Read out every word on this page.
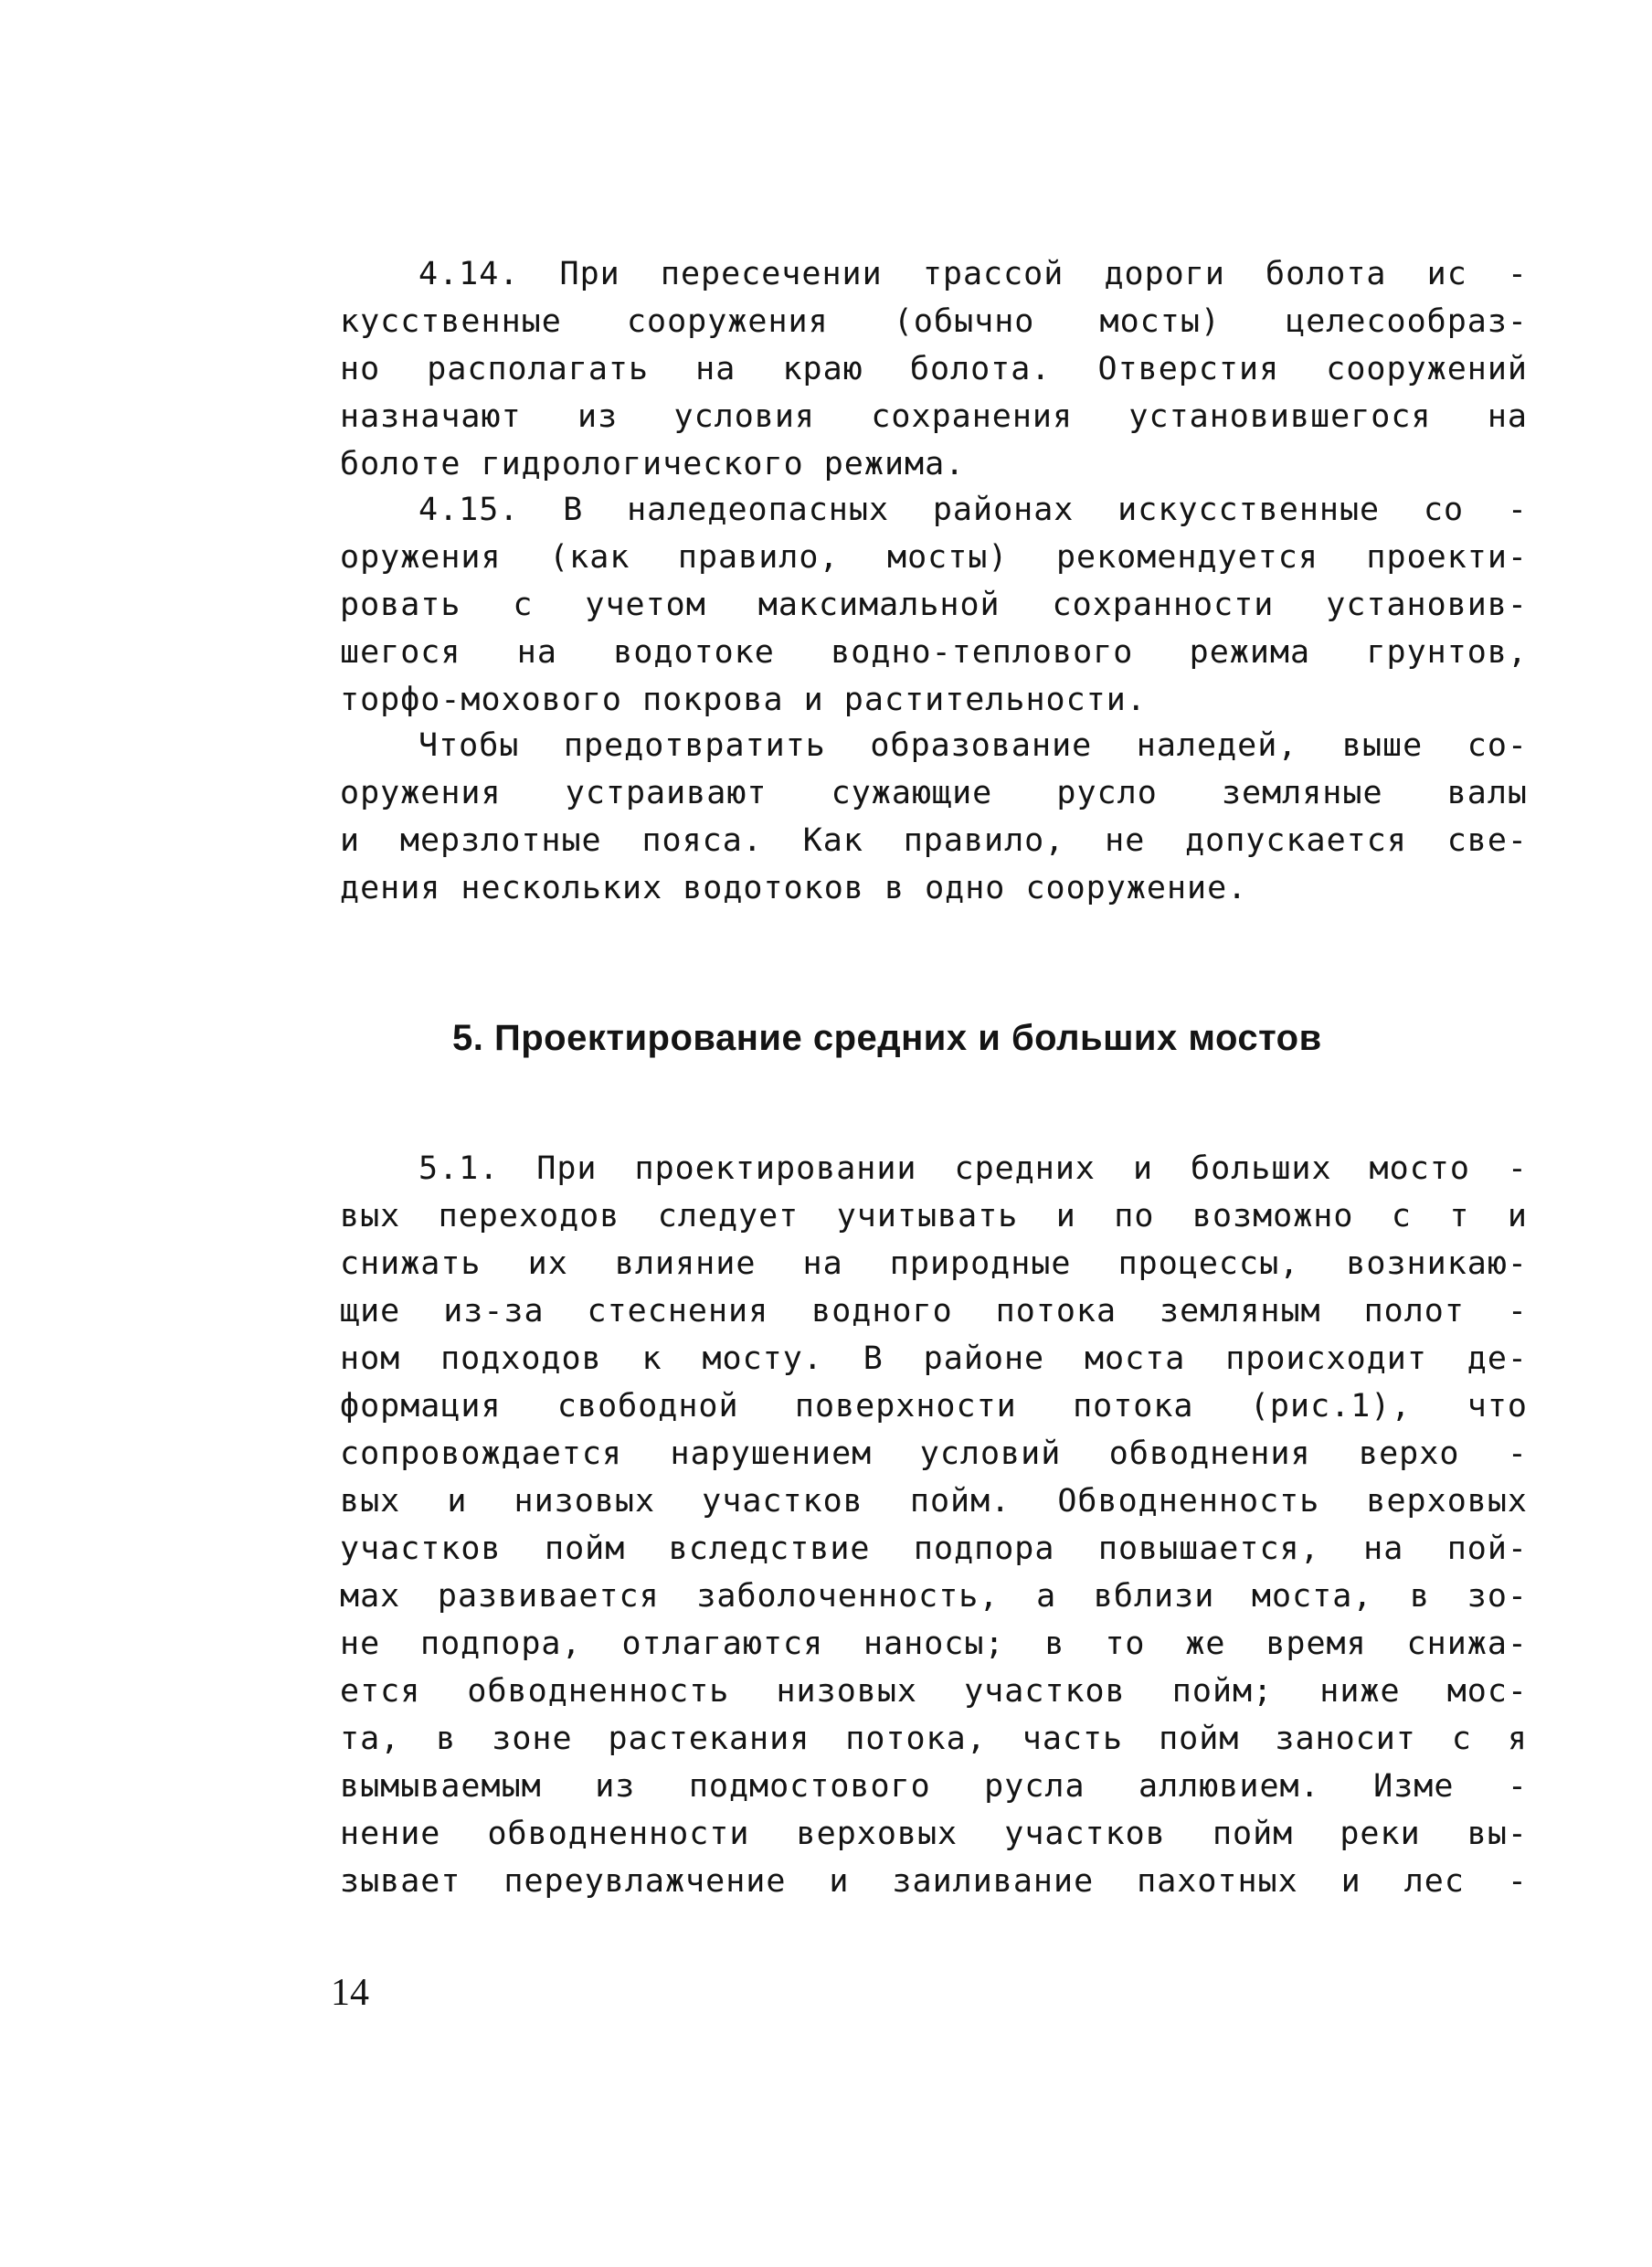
4.14. При пересечении трассой дороги болота ис -
кусственные сооружения (обычно мосты) целесообраз-
но располагать на краю болота. Отверстия сооружений
назначают из условия сохранения установившегося на
болоте гидрологического режима.
4.15. В наледеопасных районах искусственные со -
оружения (как правило, мосты) рекомендуется проекти-
ровать с учетом максимальной сохранности установив-
шегося на водотоке водно-теплового режима грунтов,
торфо-мохового покрова и растительности.
Чтобы предотвратить образование наледей, выше со-
оружения устраивают сужающие русло земляные валы
и мерзлотные пояса. Как правило, не допускается све-
дения нескольких водотоков в одно сооружение.
5. Проектирование средних и больших мостов
5.1. При проектировании средних и больших мосто -
вых переходов следует учитывать и по возможно с т и
снижать их влияние на природные процессы, возникаю-
щие из-за стеснения водного потока земляным полот -
ном подходов к мосту. В районе моста происходит де-
формация свободной поверхности потока (рис.1), что
сопровождается нарушением условий обводнения верхо -
вых и низовых участков пойм. Обводненность верховых
участков пойм вследствие подпора повышается, на пой-
мах развивается заболоченность, а вблизи моста, в зо-
не подпора, отлагаются наносы; в то же время снижа-
ется обводненность низовых участков пойм; ниже мос-
та, в зоне растекания потока, часть пойм заносит с я
вымываемым из подмостового русла аллювием. Изме -
нение обводненности верховых участков пойм реки вы-
зывает переувлажчение и заиливание пахотных и лес -
14
